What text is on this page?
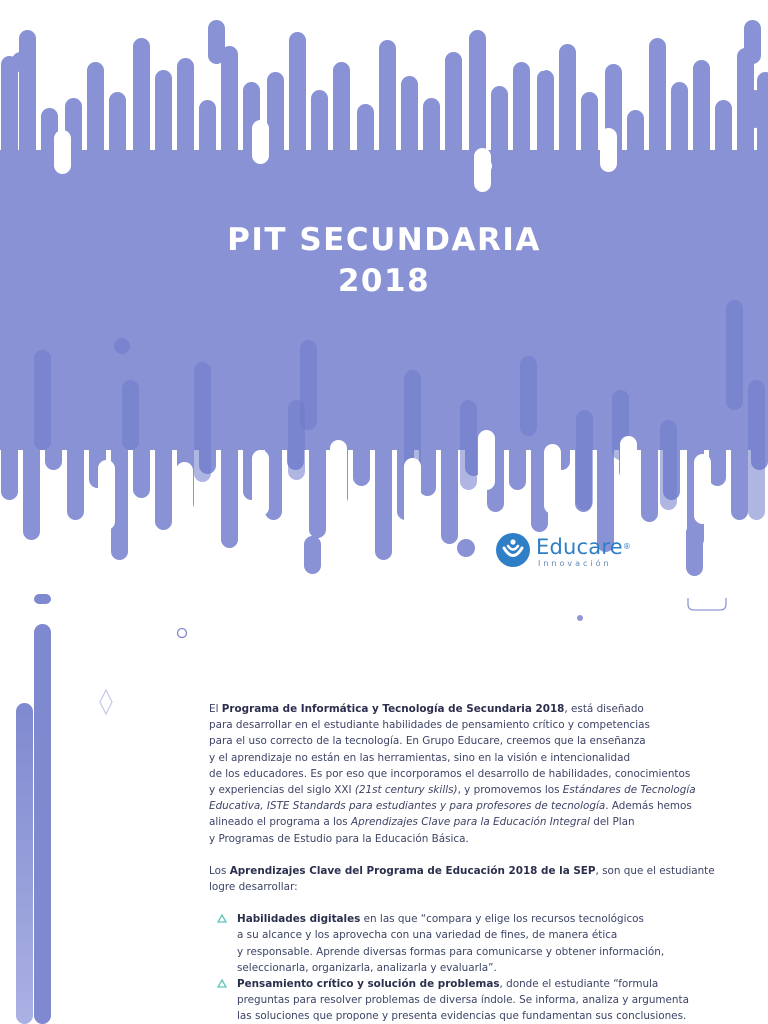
PIT SECUNDARIA
2018
Educare®
Innovación

El Programa de Informática y Tecnología de Secundaria 2018, está diseñado
para desarrollar en el estudiante habilidades de pensamiento crítico y competencias
para el uso correcto de la tecnología. En Grupo Educare, creemos que la enseñanza
y el aprendizaje no están en las herramientas, sino en la visión e intencionalidad
de los educadores. Es por eso que incorporamos el desarrollo de habilidades, conocimientos
y experiencias del siglo XXI (21st century skills), y promovemos los Estándares de Tecnología
Educativa, ISTE Standards para estudiantes y para profesores de tecnología. Además hemos
alineado el programa a los Aprendizajes Clave para la Educación Integral del Plan
y Programas de Estudio para la Educación Básica.

Los Aprendizajes Clave del Programa de Educación 2018 de la SEP, son que el estudiante
logre desarrollar:

Habilidades digitales en las que “compara y elige los recursos tecnológicos
a su alcance y los aprovecha con una variedad de fines, de manera ética
y responsable. Aprende diversas formas para comunicarse y obtener información,
seleccionarla, organizarla, analizarla y evaluarla”.
Pensamiento crítico y solución de problemas, donde el estudiante “formula
preguntas para resolver problemas de diversa índole. Se informa, analiza y argumenta
las soluciones que propone y presenta evidencias que fundamentan sus conclusiones.
